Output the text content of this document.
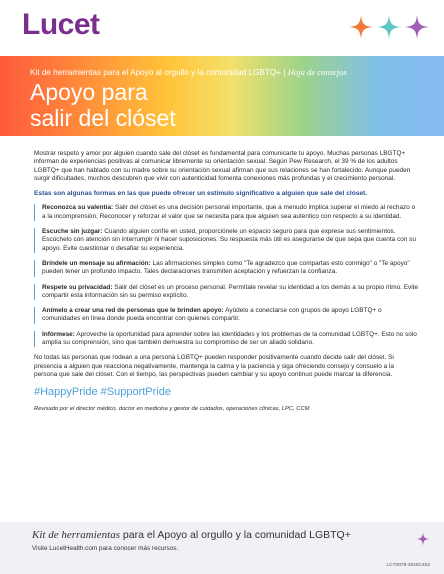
Lucet
Kit de herramientas para el Apoyo al orgullo y la comunidad LGBTQ+ | Hoja de consejos
Apoyo para
salir del clóset

Mostrar respeto y amor por alguien cuando sale del clóset es fundamental para comunicarte tu apoyo. Muchas personas LBGTQ+ informan de experiencias positivas al comunicar libremente su orientación sexual. Según Pew Research, el 39 % de los adultos LGBTQ+ que han hablado con su madre sobre su orientación sexual afirman que sus relaciones se han fortalecido. Aunque pueden surgir dificultades, muchos descubren que vivir con autenticidad fomenta conexiones más profundas y el crecimiento personal.

Estas son algunas formas en las que puede ofrecer un estímulo significativo a alguien que sale del clóset.

Reconozca su valentía: Salir del clóset es una decisión personal importante, que a menudo implica superar el miedo al rechazo o a la incomprensión. Reconocer y reforzar el valor que se necesita para que alguien sea auténtico con respecto a su identidad.

Escuche sin juzgar: Cuando alguien confíe en usted, proporciónele un espacio seguro para que exprese sus sentimientos. Escúchelo con atención sin interrumpir ni hacer suposiciones. Su respuesta más útil es asegurarse de que sepa que cuenta con su apoyo. Evite cuestionar o desafiar su experiencia.

Bríndele un mensaje su afirmación: Las afirmaciones simples como "Te agradezco que compartas esto conmigo" o "Te apoyo" pueden tener un profundo impacto. Tales declaraciones transmiten aceptación y refuerzan la confianza.

Respete su privacidad: Salir del clóset es un proceso personal. Permítale revelar su identidad a los demás a su propio ritmo. Evite compartir esta información sin su permiso explícito.

Anímelo a crear una red de personas que le brinden apoyo: Ayúdelo a conectarse con grupos de apoyo LGBTQ+ o comunidades en línea donde pueda encontrar con quienes compartir.

Infórmese: Aproveche la oportunidad para aprender sobre las identidades y los problemas de la comunidad LGBTQ+. Esto no solo amplía su comprensión, sino que también demuestra su compromiso de ser un aliado solidario.

No todas las personas que rodean a una persona LGBTQ+ pueden responder positivamente cuando decide salir del clóset. Si presencia a alguien que reacciona negativamente, mantenga la calma y la paciencia y siga ofreciendo consejo y consuelo a la persona que sale del clóset. Con el tiempo, las perspectivas pueden cambiar y su apoyo continuo puede marcar la diferencia.

#HappyPride #SupportPride

Revisado por el director médico, doctor en medicina y gestor de cuidados, operaciones clínicas, LPC, CCM

Kit de herramientas para el Apoyo al orgullo y la comunidad LGBTQ+
Visite LucetHealth.com para conocer más recursos.
LCT0078-2025C402
